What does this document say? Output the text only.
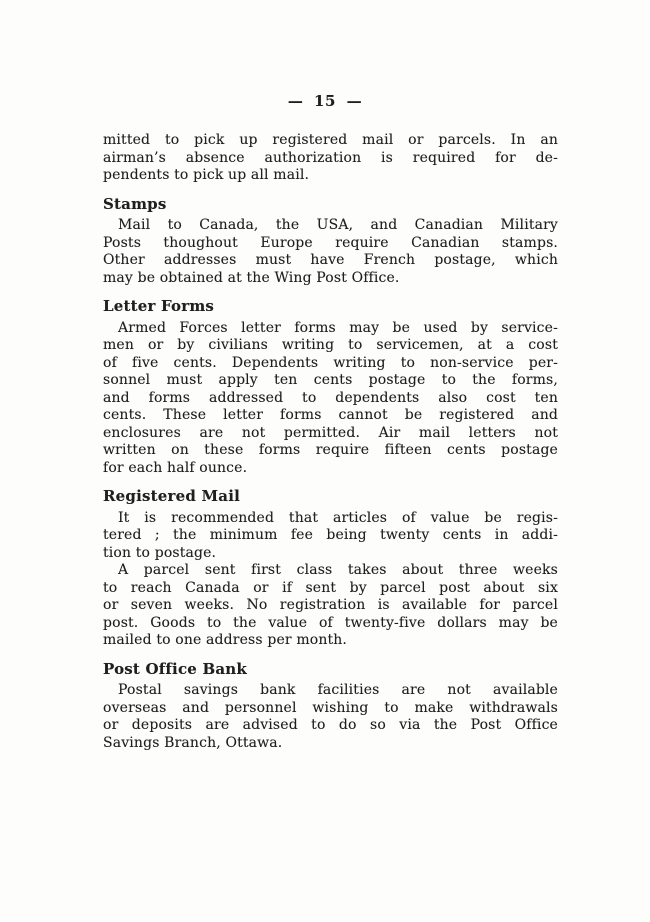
— 15 —
mitted to pick up registered mail or parcels. In an
airman’s absence authorization is required for de-
pendents to pick up all mail.
Stamps
Mail to Canada, the USA, and Canadian Military
Posts thoughout Europe require Canadian stamps.
Other addresses must have French postage, which
may be obtained at the Wing Post Office.
Letter Forms
Armed Forces letter forms may be used by service-
men or by civilians writing to servicemen, at a cost
of five cents. Dependents writing to non-service per-
sonnel must apply ten cents postage to the forms,
and forms addressed to dependents also cost ten
cents. These letter forms cannot be registered and
enclosures are not permitted. Air mail letters not
written on these forms require fifteen cents postage
for each half ounce.
Registered Mail
It is recommended that articles of value be regis-
tered ; the minimum fee being twenty cents in addi-
tion to postage.
A parcel sent first class takes about three weeks
to reach Canada or if sent by parcel post about six
or seven weeks. No registration is available for parcel
post. Goods to the value of twenty-five dollars may be
mailed to one address per month.
Post Office Bank
Postal savings bank facilities are not available
overseas and personnel wishing to make withdrawals
or deposits are advised to do so via the Post Office
Savings Branch, Ottawa.
